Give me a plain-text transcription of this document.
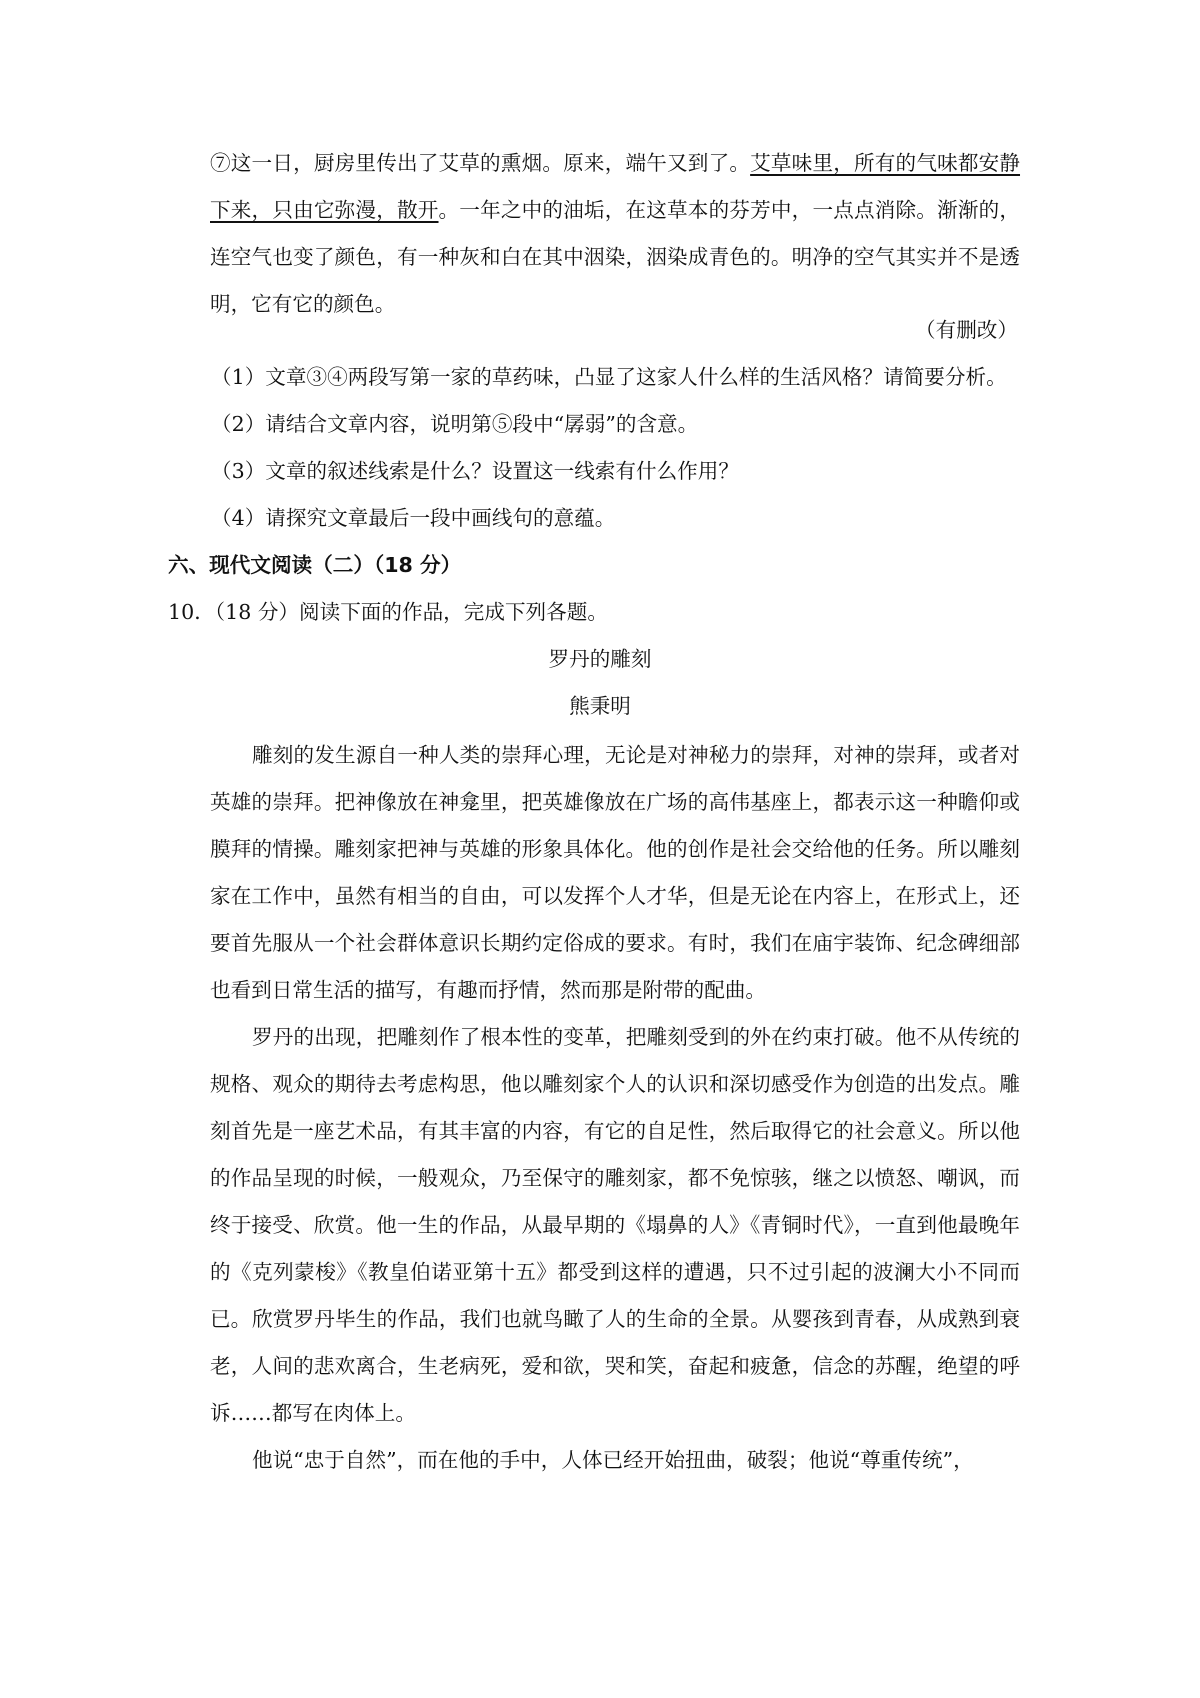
⑦这一日，厨房里传出了艾草的熏烟。原来，端午又到了。艾草味里，所有的气味都安静下来，只由它弥漫，散开。一年之中的油垢，在这草本的芬芳中，一点点消除。渐渐的，连空气也变了颜色，有一种灰和白在其中洇染，洇染成青色的。明净的空气其实并不是透明，它有它的颜色。

（有删改）

（1）文章③④两段写第一家的草药味，凸显了这家人什么样的生活风格？请简要分析。

（2）请结合文章内容，说明第⑤段中“孱弱”的含意。

（3）文章的叙述线索是什么？设置这一线索有什么作用？

（4）请探究文章最后一段中画线句的意蕴。

六、现代文阅读（二）（18 分）

10．（18 分）阅读下面的作品，完成下列各题。

罗丹的雕刻

熊秉明

雕刻的发生源自一种人类的崇拜心理，无论是对神秘力的崇拜，对神的崇拜，或者对英雄的崇拜。把神像放在神龛里，把英雄像放在广场的高伟基座上，都表示这一种瞻仰或膜拜的情操。雕刻家把神与英雄的形象具体化。他的创作是社会交给他的任务。所以雕刻家在工作中，虽然有相当的自由，可以发挥个人才华，但是无论在内容上，在形式上，还要首先服从一个社会群体意识长期约定俗成的要求。有时，我们在庙宇装饰、纪念碑细部也看到日常生活的描写，有趣而抒情，然而那是附带的配曲。

罗丹的出现，把雕刻作了根本性的变革，把雕刻受到的外在约束打破。他不从传统的规格、观众的期待去考虑构思，他以雕刻家个人的认识和深切感受作为创造的出发点。雕刻首先是一座艺术品，有其丰富的内容，有它的自足性，然后取得它的社会意义。所以他的作品呈现的时候，一般观众，乃至保守的雕刻家，都不免惊骇，继之以愤怒、嘲讽，而终于接受、欣赏。他一生的作品，从最早期的《塌鼻的人》《青铜时代》，一直到他最晚年的《克列蒙梭》《教皇伯诺亚第十五》都受到这样的遭遇，只不过引起的波澜大小不同而已。 欣赏罗丹毕生的作品，我们也就鸟瞰了人的生命的全景。从婴孩到青春，从成熟到衰老，人间的悲欢离合，生老病死，爱和欲，哭和笑，奋起和疲惫，信念的苏醒，绝望的呼诉……都写在肉体上。

他说“忠于自然”，而在他的手中，人体已经开始扭曲，破裂；他说“尊重传统”，
